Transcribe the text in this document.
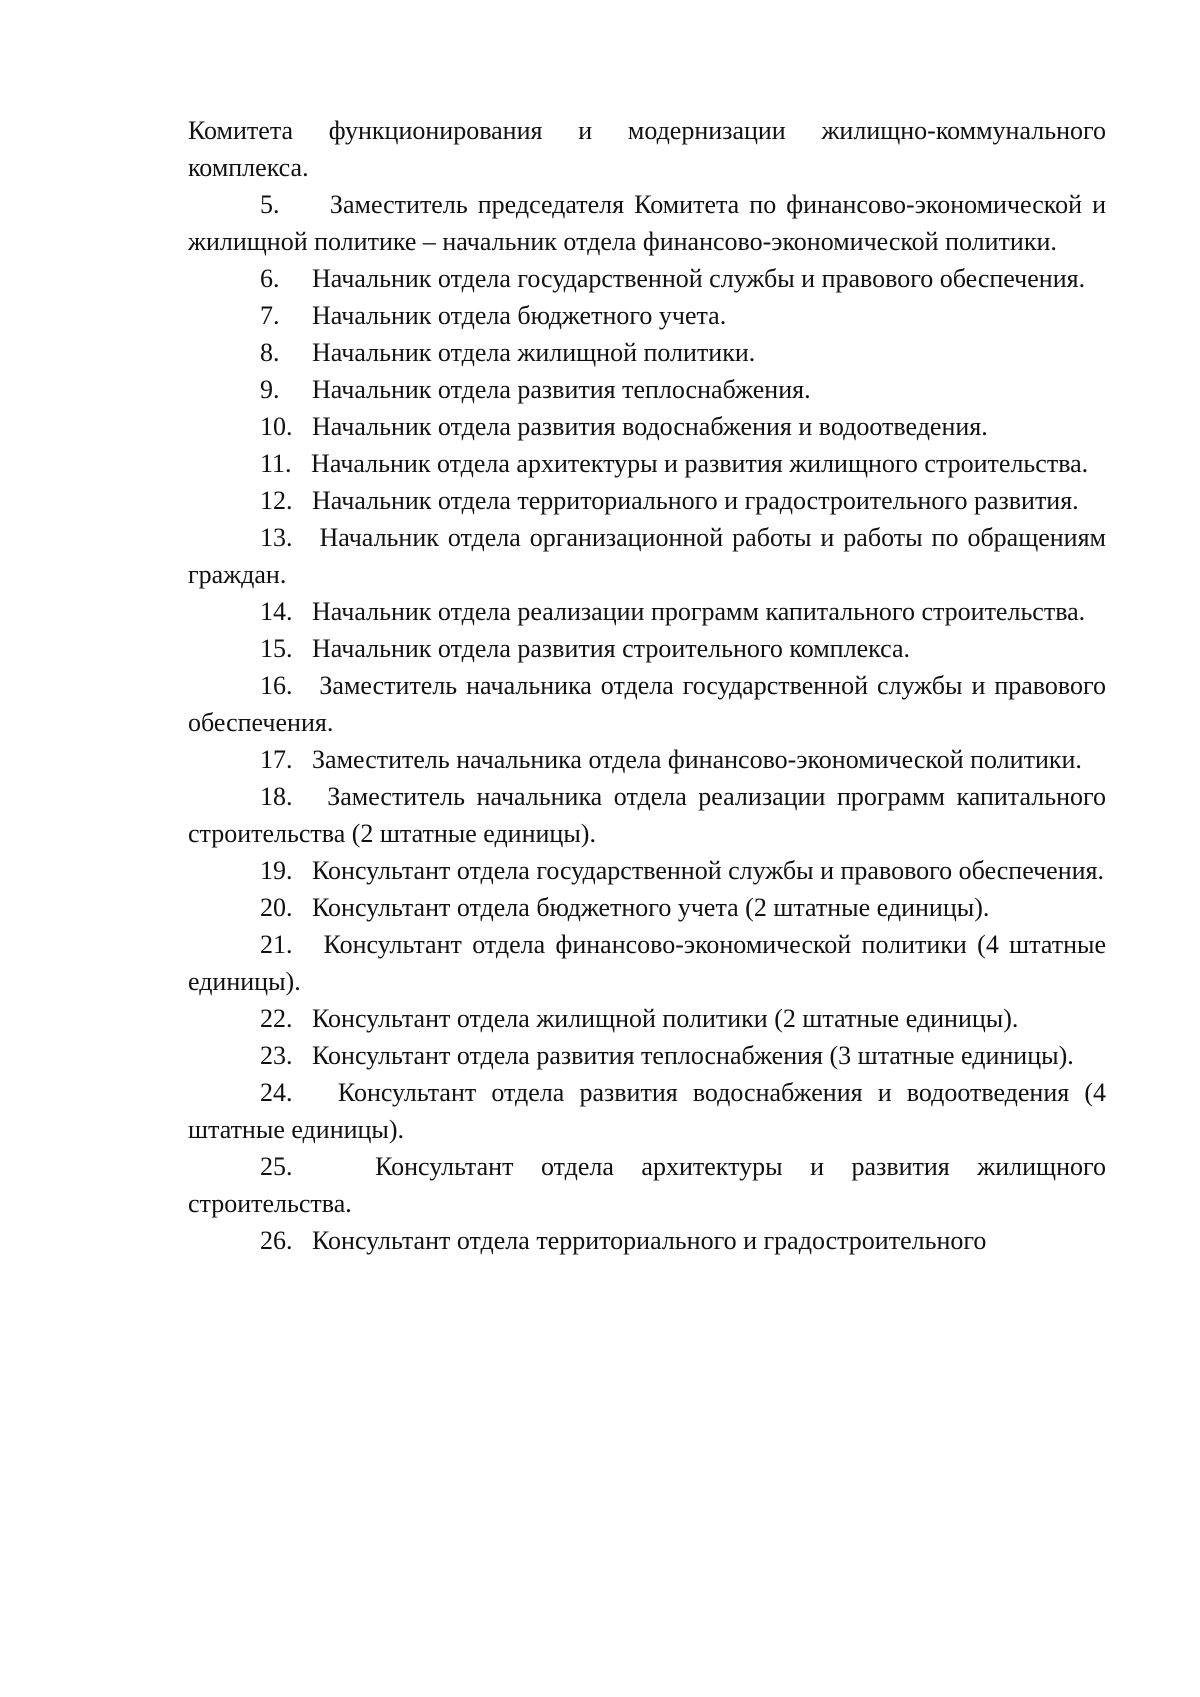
Комитета функционирования и модернизации жилищно-коммунального комплекса.

5. Заместитель председателя Комитета по финансово-экономической и жилищной политике – начальник отдела финансово-экономической политики.

6. Начальник отдела государственной службы и правового обеспечения.

7. Начальник отдела бюджетного учета.

8. Начальник отдела жилищной политики.

9. Начальник отдела развития теплоснабжения.

10. Начальник отдела развития водоснабжения и водоотведения.

11. Начальник отдела архитектуры и развития жилищного строительства.

12. Начальник отдела территориального и градостроительного развития.

13. Начальник отдела организационной работы и работы по обращениям граждан.

14. Начальник отдела реализации программ капитального строительства.

15. Начальник отдела развития строительного комплекса.

16. Заместитель начальника отдела государственной службы и правового обеспечения.

17. Заместитель начальника отдела финансово-экономической политики.

18. Заместитель начальника отдела реализации программ капитального строительства (2 штатные единицы).

19. Консультант отдела государственной службы и правового обеспечения.

20. Консультант отдела бюджетного учета (2 штатные единицы).

21. Консультант отдела финансово-экономической политики (4 штатные единицы).

22. Консультант отдела жилищной политики (2 штатные единицы).

23. Консультант отдела развития теплоснабжения (3 штатные единицы).

24. Консультант отдела развития водоснабжения и водоотведения (4 штатные единицы).

25.	Консультант отдела архитектуры и развития жилищного строительства.

26. Консультант отдела территориального и градостроительного
